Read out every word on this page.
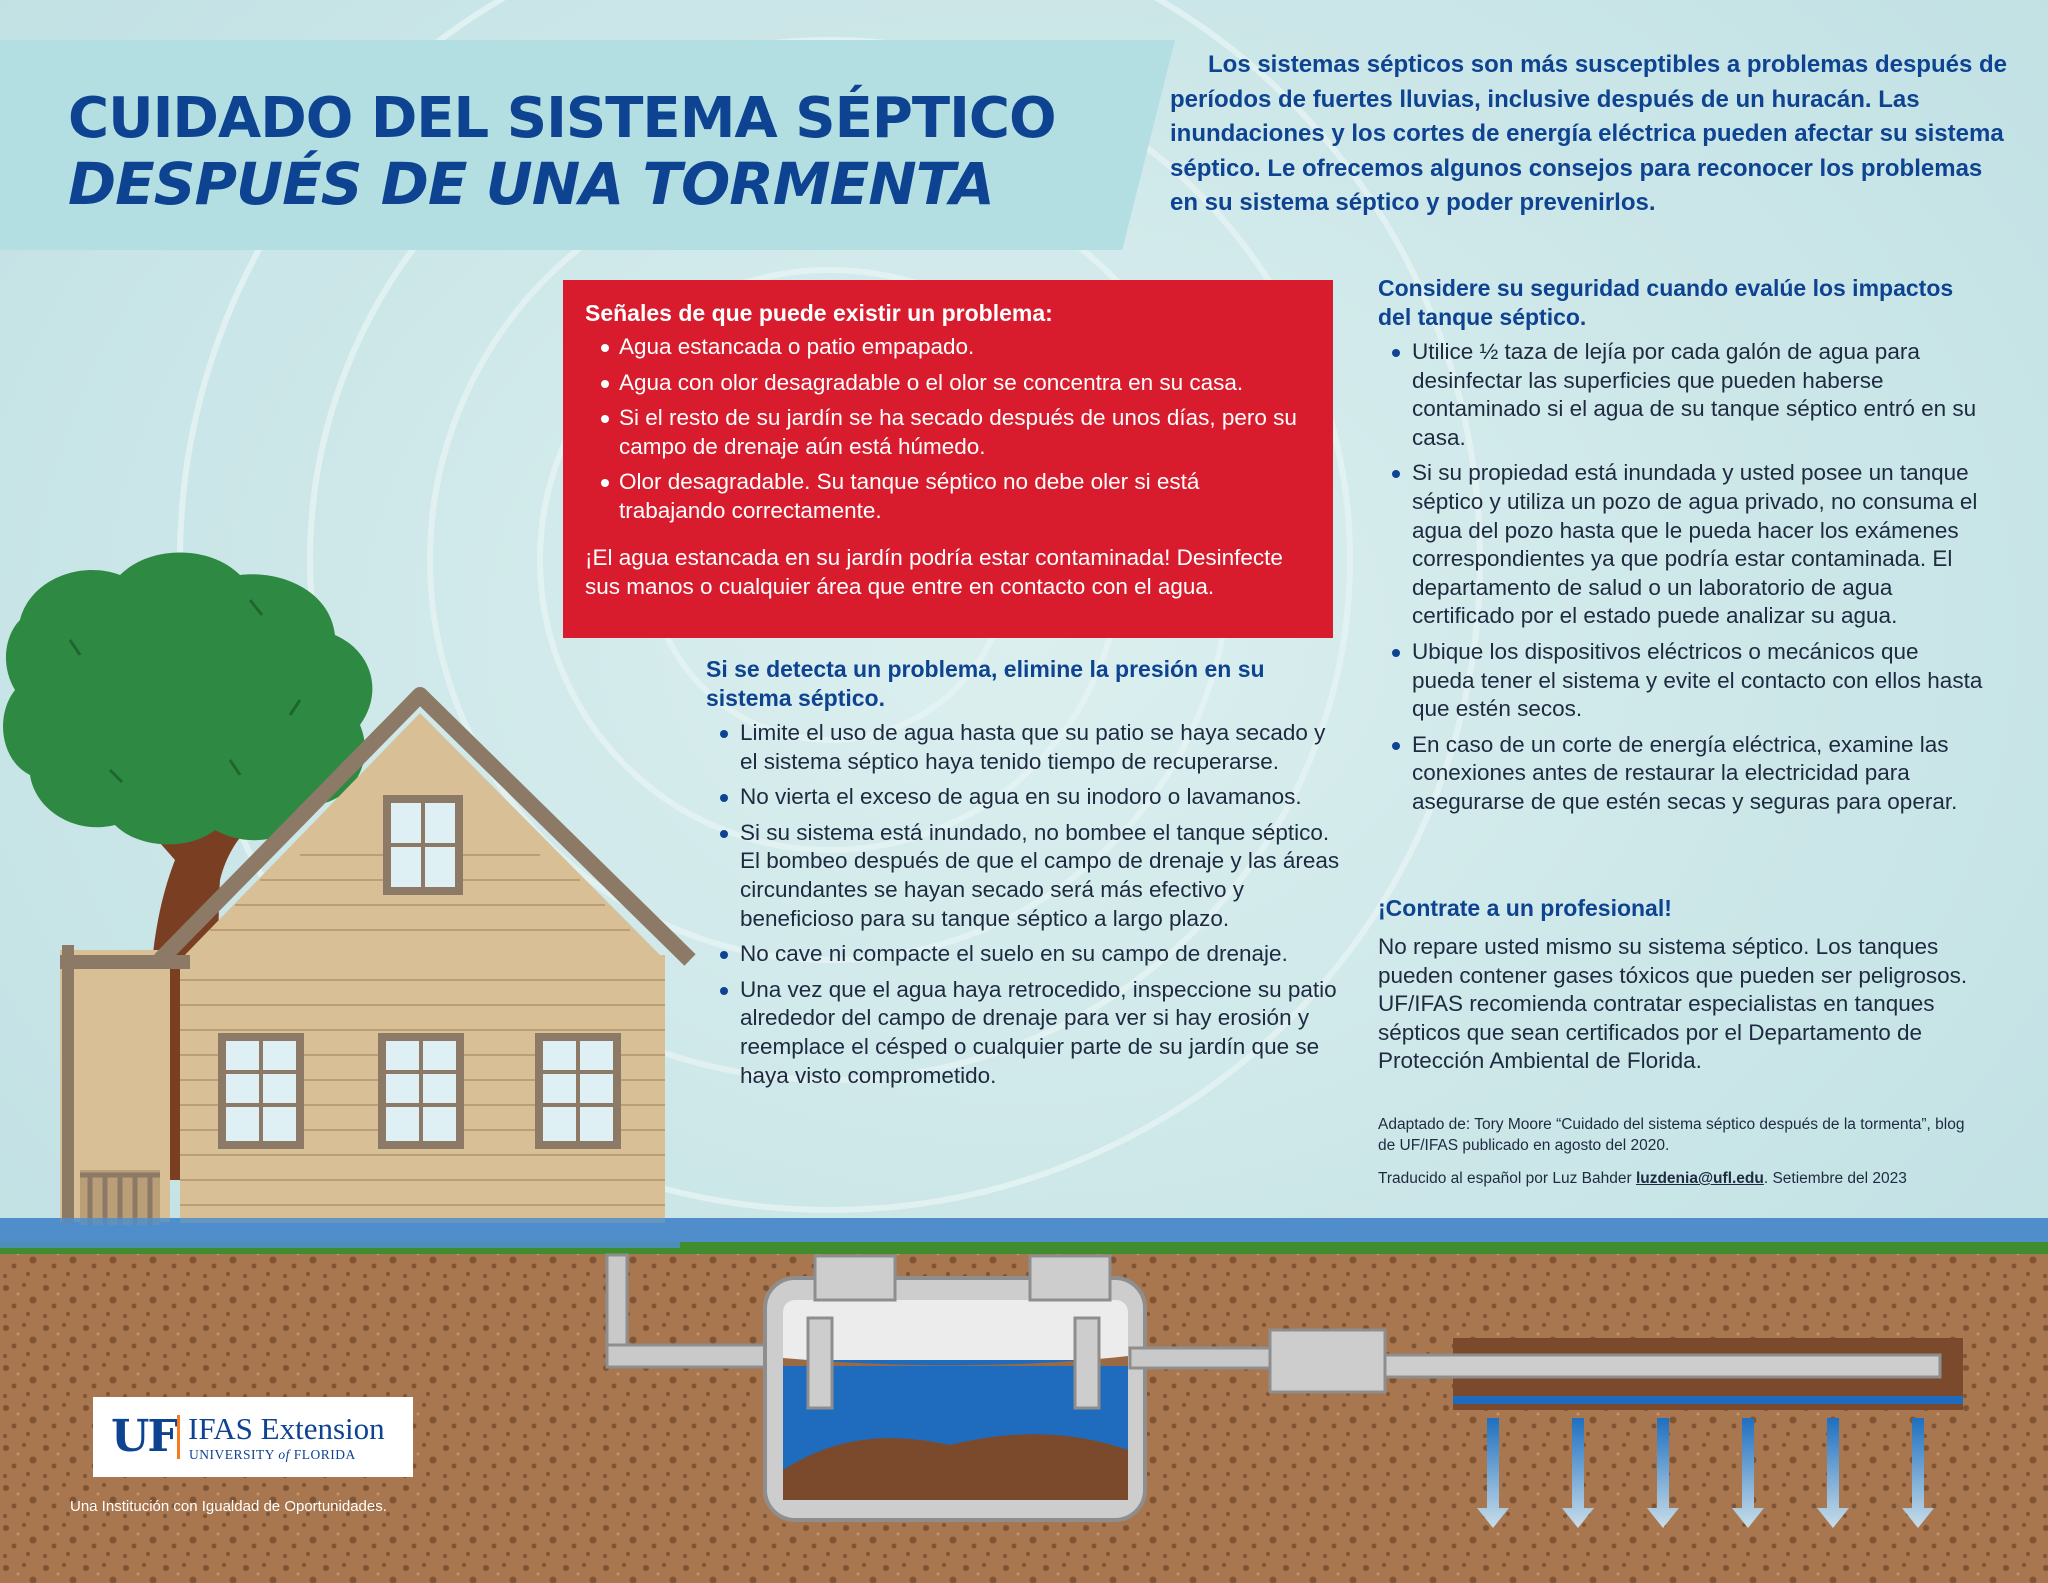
CUIDADO DEL SISTEMA SÉPTICO
DESPUÉS DE UNA TORMENTA
Los sistemas sépticos son más susceptibles a problemas después de períodos de fuertes lluvias, inclusive después de un huracán. Las inundaciones y los cortes de energía eléctrica pueden afectar su sistema séptico. Le ofrecemos algunos consejos para reconocer los problemas en su sistema séptico y poder prevenirlos.
Señales de que puede existir un problema:
Agua estancada o patio empapado.
Agua con olor desagradable o el olor se concentra en su casa.
Si el resto de su jardín se ha secado después de unos días, pero su campo de drenaje aún está húmedo.
Olor desagradable. Su tanque séptico no debe oler si está trabajando correctamente.

¡El agua estancada en su jardín podría estar contaminada! Desinfecte sus manos o cualquier área que entre en contacto con el agua.

Si se detecta un problema, elimine la presión en su sistema séptico.
Limite el uso de agua hasta que su patio se haya secado y el sistema séptico haya tenido tiempo de recuperarse.
No vierta el exceso de agua en su inodoro o lavamanos.
Si su sistema está inundado, no bombee el tanque séptico. El bombeo después de que el campo de drenaje y las áreas circundantes se hayan secado será más efectivo y beneficioso para su tanque séptico a largo plazo.
No cave ni compacte el suelo en su campo de drenaje.
Una vez que el agua haya retrocedido, inspeccione su patio alrededor del campo de drenaje para ver si hay erosión y reemplace el césped o cualquier parte de su jardín que se haya visto comprometido.
Considere su seguridad cuando evalúe los impactos del tanque séptico.
Utilice ½ taza de lejía por cada galón de agua para desinfectar las superficies que pueden haberse contaminado si el agua de su tanque séptico entró en su casa.
Si su propiedad está inundada y usted posee un tanque séptico y utiliza un pozo de agua privado, no consuma el agua del pozo hasta que le pueda hacer los exámenes correspondientes ya que podría estar contaminada. El departamento de salud o un laboratorio de agua certificado por el estado puede analizar su agua.
Ubique los dispositivos eléctricos o mecánicos que pueda tener el sistema y evite el contacto con ellos hasta que estén secos.
En caso de un corte de energía eléctrica, examine las conexiones antes de restaurar la electricidad para asegurarse de que estén secas y seguras para operar.
¡Contrate a un profesional!

No repare usted mismo su sistema séptico. Los tanques pueden contener gases tóxicos que pueden ser peligrosos. UF/IFAS recomienda contratar especialistas en tanques sépticos que sean certificados por el Departamento de Protección Ambiental de Florida.

Adaptado de: Tory Moore “Cuidado del sistema séptico después de la tormenta”, blog de UF/IFAS publicado en agosto del 2020.
Traducido al español por Luz Bahder luzdenia@ufl.edu. Setiembre del 2023
UF IFAS Extension
UNIVERSITY of FLORIDA
Una Institución con Igualdad de Oportunidades.
